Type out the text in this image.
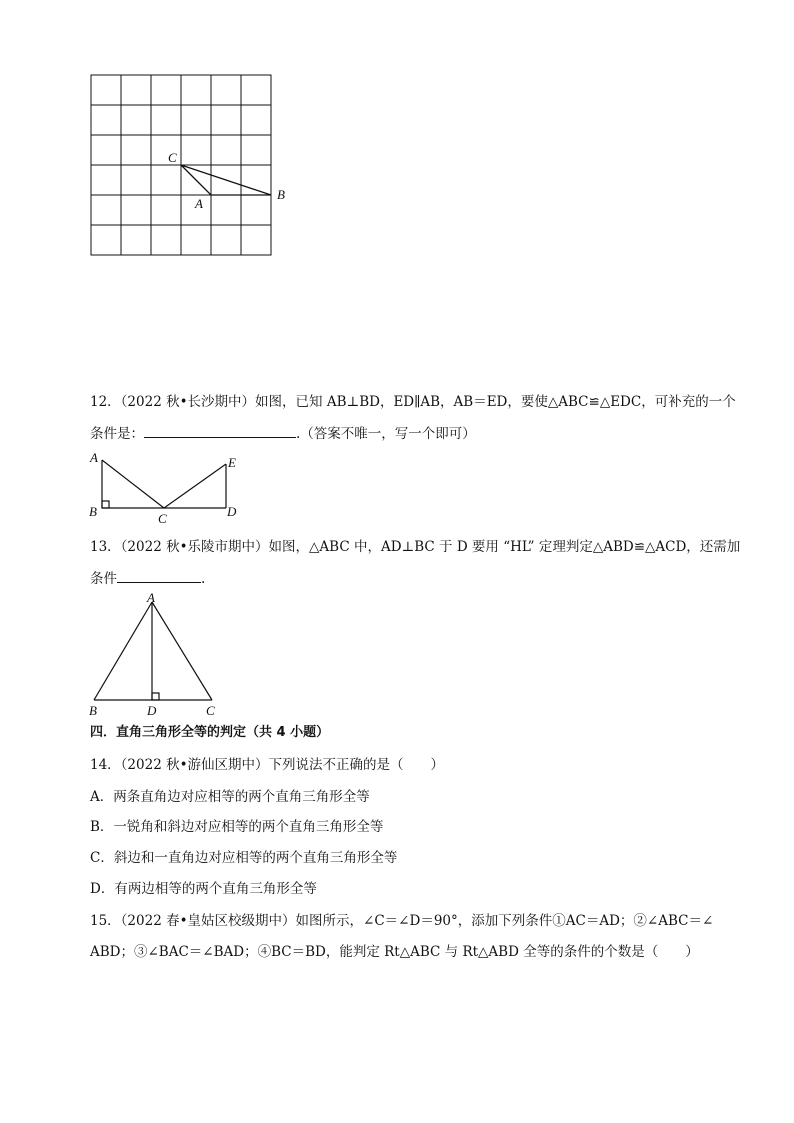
C
A
B
12．（2022 秋•长沙期中）如图，已知 AB⊥BD，ED∥AB，AB＝ED，要使△ABC≌△EDC，可补充的一个
条件是：	.（答案不唯一，写一个即可）
A
B	C	D
E
13．（2022 秋•乐陵市期中）如图，△ABC 中，AD⊥BC 于 D 要用 “HL” 定理判定△ABD≌△ACD，还需加
条件	.
A
B	D	C
四．直角三角形全等的判定（共 4 小题）
14．（2022 秋•游仙区期中）下列说法不正确的是（　　）
A．两条直角边对应相等的两个直角三角形全等
B．一锐角和斜边对应相等的两个直角三角形全等
C．斜边和一直角边对应相等的两个直角三角形全等
D．有两边相等的两个直角三角形全等
15．（2022 春•皇姑区校级期中）如图所示，∠C＝∠D＝90°，添加下列条件①AC＝AD；②∠ABC＝∠
ABD；③∠BAC＝∠BAD；④BC＝BD，能判定 Rt△ABC 与 Rt△ABD 全等的条件的个数是（　　）
